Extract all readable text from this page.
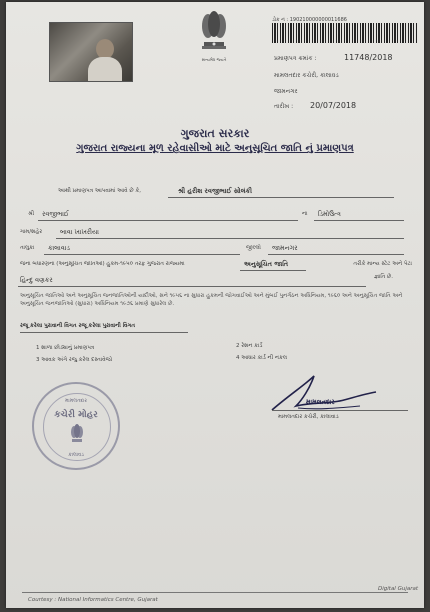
સત્યમેવ જયતે
ડોક નં : 190210000000011686
પ્રમાણપત્ર ક્રમાંક :	11748/2018
મામલતદાર કચેરી, કાલાવડ
જામનગર
તારીખ : 20/07/2018
ગુજરાત સરકાર
ગુજરાત રાજ્યના મૂળ રહેવાસીઓ માટે અનુસૂચિત જાતિ નું પ્રમાણપત્ર
આથી પ્રમાણપત્ર આપવામાં આવે છે કે,	શ્રી હરીશ રવજીભાઈ સોલંકી
શ્રી રવજીભાઈ	ના ડિમોઉત્ત્ર
ગામ/શહેર	બાવા ખાખરીયા
તાલુકા કાલાવાડ	જીલ્લો જામનગર
જેના બંધારણના (અનુસૂચિત જાતિઓ) હુકમ-૧૯૫૦ તરફ ગુજરાત રાજ્યમાં	અનુસૂચિત જાતિ	તરીકે માન્ય સ્ટેટ અને પેટા
જ્ઞાતિ છે.
હિન્દુ વણકર
અનુસૂચિત જાતિઓ અને અનુસૂચિત જનજાતિઓની યાદીઓ, સને ૧૯૫૬ ના સુધારા હુકમની જોગવાઈઓ અને મુંબઈ પુનર્ગઠન અધિનિયમ, ૧૯૬૦ અને અનુસૂચિત જાતિ અને અનુસૂચિત જનજાતિઓ (સુધારા) અધિનિયમ ૧૯૭૬ પ્રમાણે સુધારેલ છે.
રજૂ કરેલા પુરાવાની વિગત રજૂ કરેલા પુરાવાની વિગત
1 શાળા છોડ્યાનું પ્રમાણપત્ર	2 રેશન કાર્ડ
3 આવક અંગે રજુ કરેલ દસ્તાવેજો	4 આધાર કાર્ડ ની નકલ
મામલતદાર
કચેરી મોહર
કાલાવડ
મામલતદાર
મામલતદાર કચેરી, કાલાવાડ
Courtesy : National Informatics Centre, Gujarat
Digital Gujarat
